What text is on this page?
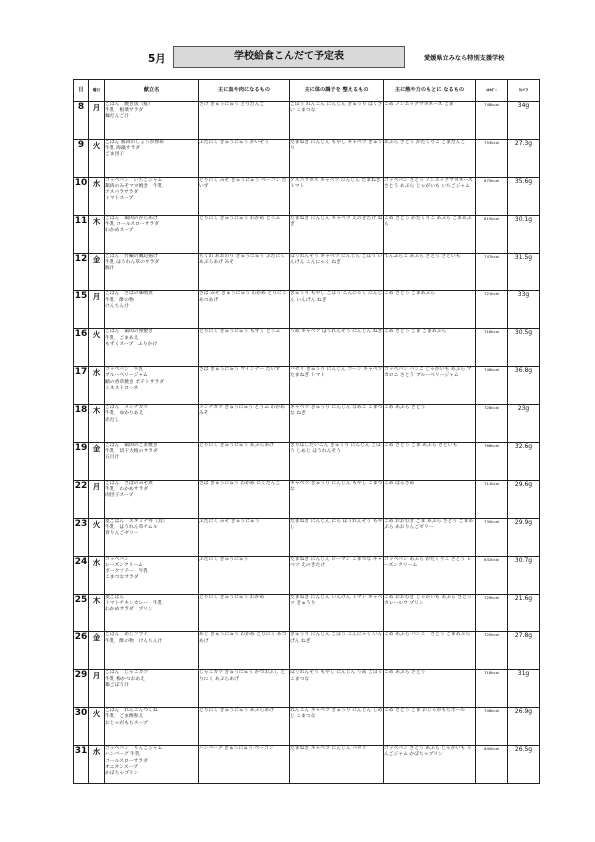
5月	学校給食こんだて予定表	愛媛県立みなら特別支援学校
日	曜日	献立名	主に血や肉になるもの	主に体の調子を 整えるもの	主に熱や力のもとに なるもの	ｴﾈﾙｷﾞｰ	ﾀﾝﾊﾟｸ
8	月	ごはん　焼き魚（鮭）
牛乳　根菜サラダ
麺だんご汁	さけ ぎゅうにゅう とりだんご	ごぼう れんこん にんじん きゅうり はくさい こまつな	こめ ノンエッグマヨネーズ ごま	748kcal	34g
9	火	ごはん 豚肉のしょうが炒め
牛乳 海藻サラダ
ごま団子	ぶたにく ぎゅうにゅう かいそう	たまねぎ にんじん もやし キャベツ きゅうり	あぶら さとう かたくりこ ごまだんご	753kcal	27.3g
10	水	コッペパン　いちごジャム
鶏肉のみそマヨ焼き　牛乳
アスパラサラダ
トマトスープ	とりにく みそ ぎゅうにゅう ベーコン だいず	アスパラガス キャベツ にんじん たまねぎ トマト	コッペパン さとう ノンエッグマヨネーズ さとう あぶら じゃがいも いちごジャム	675kcal	35.6g
11	木	ごはん　鶏肉のからあげ
牛乳 コールスローサラダ
わかめスープ	とりにく ぎゅうにゅう わかめ とうふ	たまねぎ にんじん キャベツ えのきたけ ねぎ	こめ さとう かたくりこ あぶら ごまあぶら	815kcal	30.1g
12	金	ごはん　竹輪の磯辺揚げ
牛乳 ほうれん草のサラダ
豚汁	ちくわ あおのり ぎゅうにゅう ぶたにく あぶらあげ みそ	ほうれんそう キャベツ にんじん ごぼう いんげん こんにゃく ねぎ	てんぷらこ あぶら さとう さといも	747kcal	31.5g
15	月	ごはん　さばの味噌煮
牛乳　酢の物
けんちん汁	さば みそ ぎゅうにゅう わかめ とりにく あつあげ	きゅうり もやし ごぼう こんにゃく にんじん いんげん ねぎ	こめ さとう ごまあぶら	721kcal	33g
16	火	ごはん　鶏肉の照焼き
牛乳　ごまあえ
もずくスープ　ふりかけ	とりにく ぎゅうにゅう もずく とうふ	うめ キャベツ ほうれんそう にんじん ねぎ	こめ さとう ごま ごまあぶら	716kcal	30.5g
17	水	コッペパン　牛乳
ブルーベリージャム
鯖の香草焼き ポテトサラダ
ミネストローネ	さば ぎゅうにゅう ウインナー だいず	パセリ きゅうり にんじん コーン キャベツ たまねぎ トマト	コッペパン パンこ じゃがいも あぶら マカロニ さとう ブルーベリージャム	748kcal	36.8g
18	木	ごはん　メンチカツ
牛乳　ゆかりあえ
赤だし	メンチカツ ぎゅうにゅう とうふ わかめ みそ	キャベツ きゅうり にんじん なめこ こまつな ねぎ	こめ あぶら さとう	728kcal	23g
19	金	ごはん　鶏肉のごま焼き
牛乳　切干大根のサラダ
五目汁	とりにく ぎゅうにゅう あぶらあげ	きりぼしだいこん きゅうり にんじん ごぼう しめじ ほうれんそう	こめ さとう ごま あぶら さといも	766kcal	32.6g
22	月	ごはん　さばのみそ煮
牛乳　わかめサラダ
肉団子スープ	さば ぎゅうにゅう わかめ にくだんご	キャベツ きゅうり にんじん もやし こまつな	こめ はるさめ	711kcal	29.6g
23	火	麦ごはん　スタミナ丼（具）
牛乳　ほうれん草ナムル
青りんごゼリー	ぶたにく みそ ぎゅうにゅう	たまねぎ にんじん にら ほうれんそう もやし	こめ おおむぎ ごま あぶら さとう ごまあぶら あおりんごゼリー	730kcal	29.9g
24	水	コッペパン
レーズンクリーム
ポークソテー　牛乳
こまつなサラダ	ぶたにく ぎゅうにゅう	たまねぎ にんじん ピーマン こまつな キャベツ えのきたけ	コッペパン あぶら かたくりこ さとう レーズンクリーム	632kcal	30.7g
25	木	麦ごはん
トマトチキンカレー　牛乳
わかめサラダ　プリン	とりにく ぎゅうにゅう わかめ	たまねぎ にんじん いんげん トマト キャベツ きゅうり	こめ おおむぎ じゃがいも あぶら さとう カレールウ プリン	729kcal	21.6g
26	金	ごはん　あじフライ
牛乳　酢の物　けんちん汁	あじ ぎゅうにゅう わかめ とりにく あつあげ	きゅうり にんじん ごぼう こんにゃく いんげん ねぎ	こめ あぶら パンこ　さとう ごまあぶら	720kcal	27.8g
29	月	ごはん　じゃこカツ
牛乳 梅かつおあえ
鶏ごぼう汁	じゃこカツ ぎゅうにゅう かつおぶし とりにく あぶらあげ	ほうれんそう もやし にんじん うめ ごぼう こまつな	こめ あぶら さとう	718kcal	31g
30	火	ごはん　れんこんつくね
牛乳　ごま酢和え
おじゃがもちスープ	とりにく ぎゅうにゅう あぶらあげ	れんこん キャベツ きゅうり にんじん しめじ こまつな	こめ さとう ごま おじゃがもちボール	708kcal	26.9g
31	水	コッペパン　りんごジャム
ハンバーグ 牛乳
コールスローサラダ
オニオンスープ
かぼちゃプリン	ハンバーグ ぎゅうにゅう ベーコン	たまねぎ キャベツ にんじん パセリ	コッペパン さとう あぶら じゃがいも りんごジャム かぼちゃプリン	640kcal	26.5g
